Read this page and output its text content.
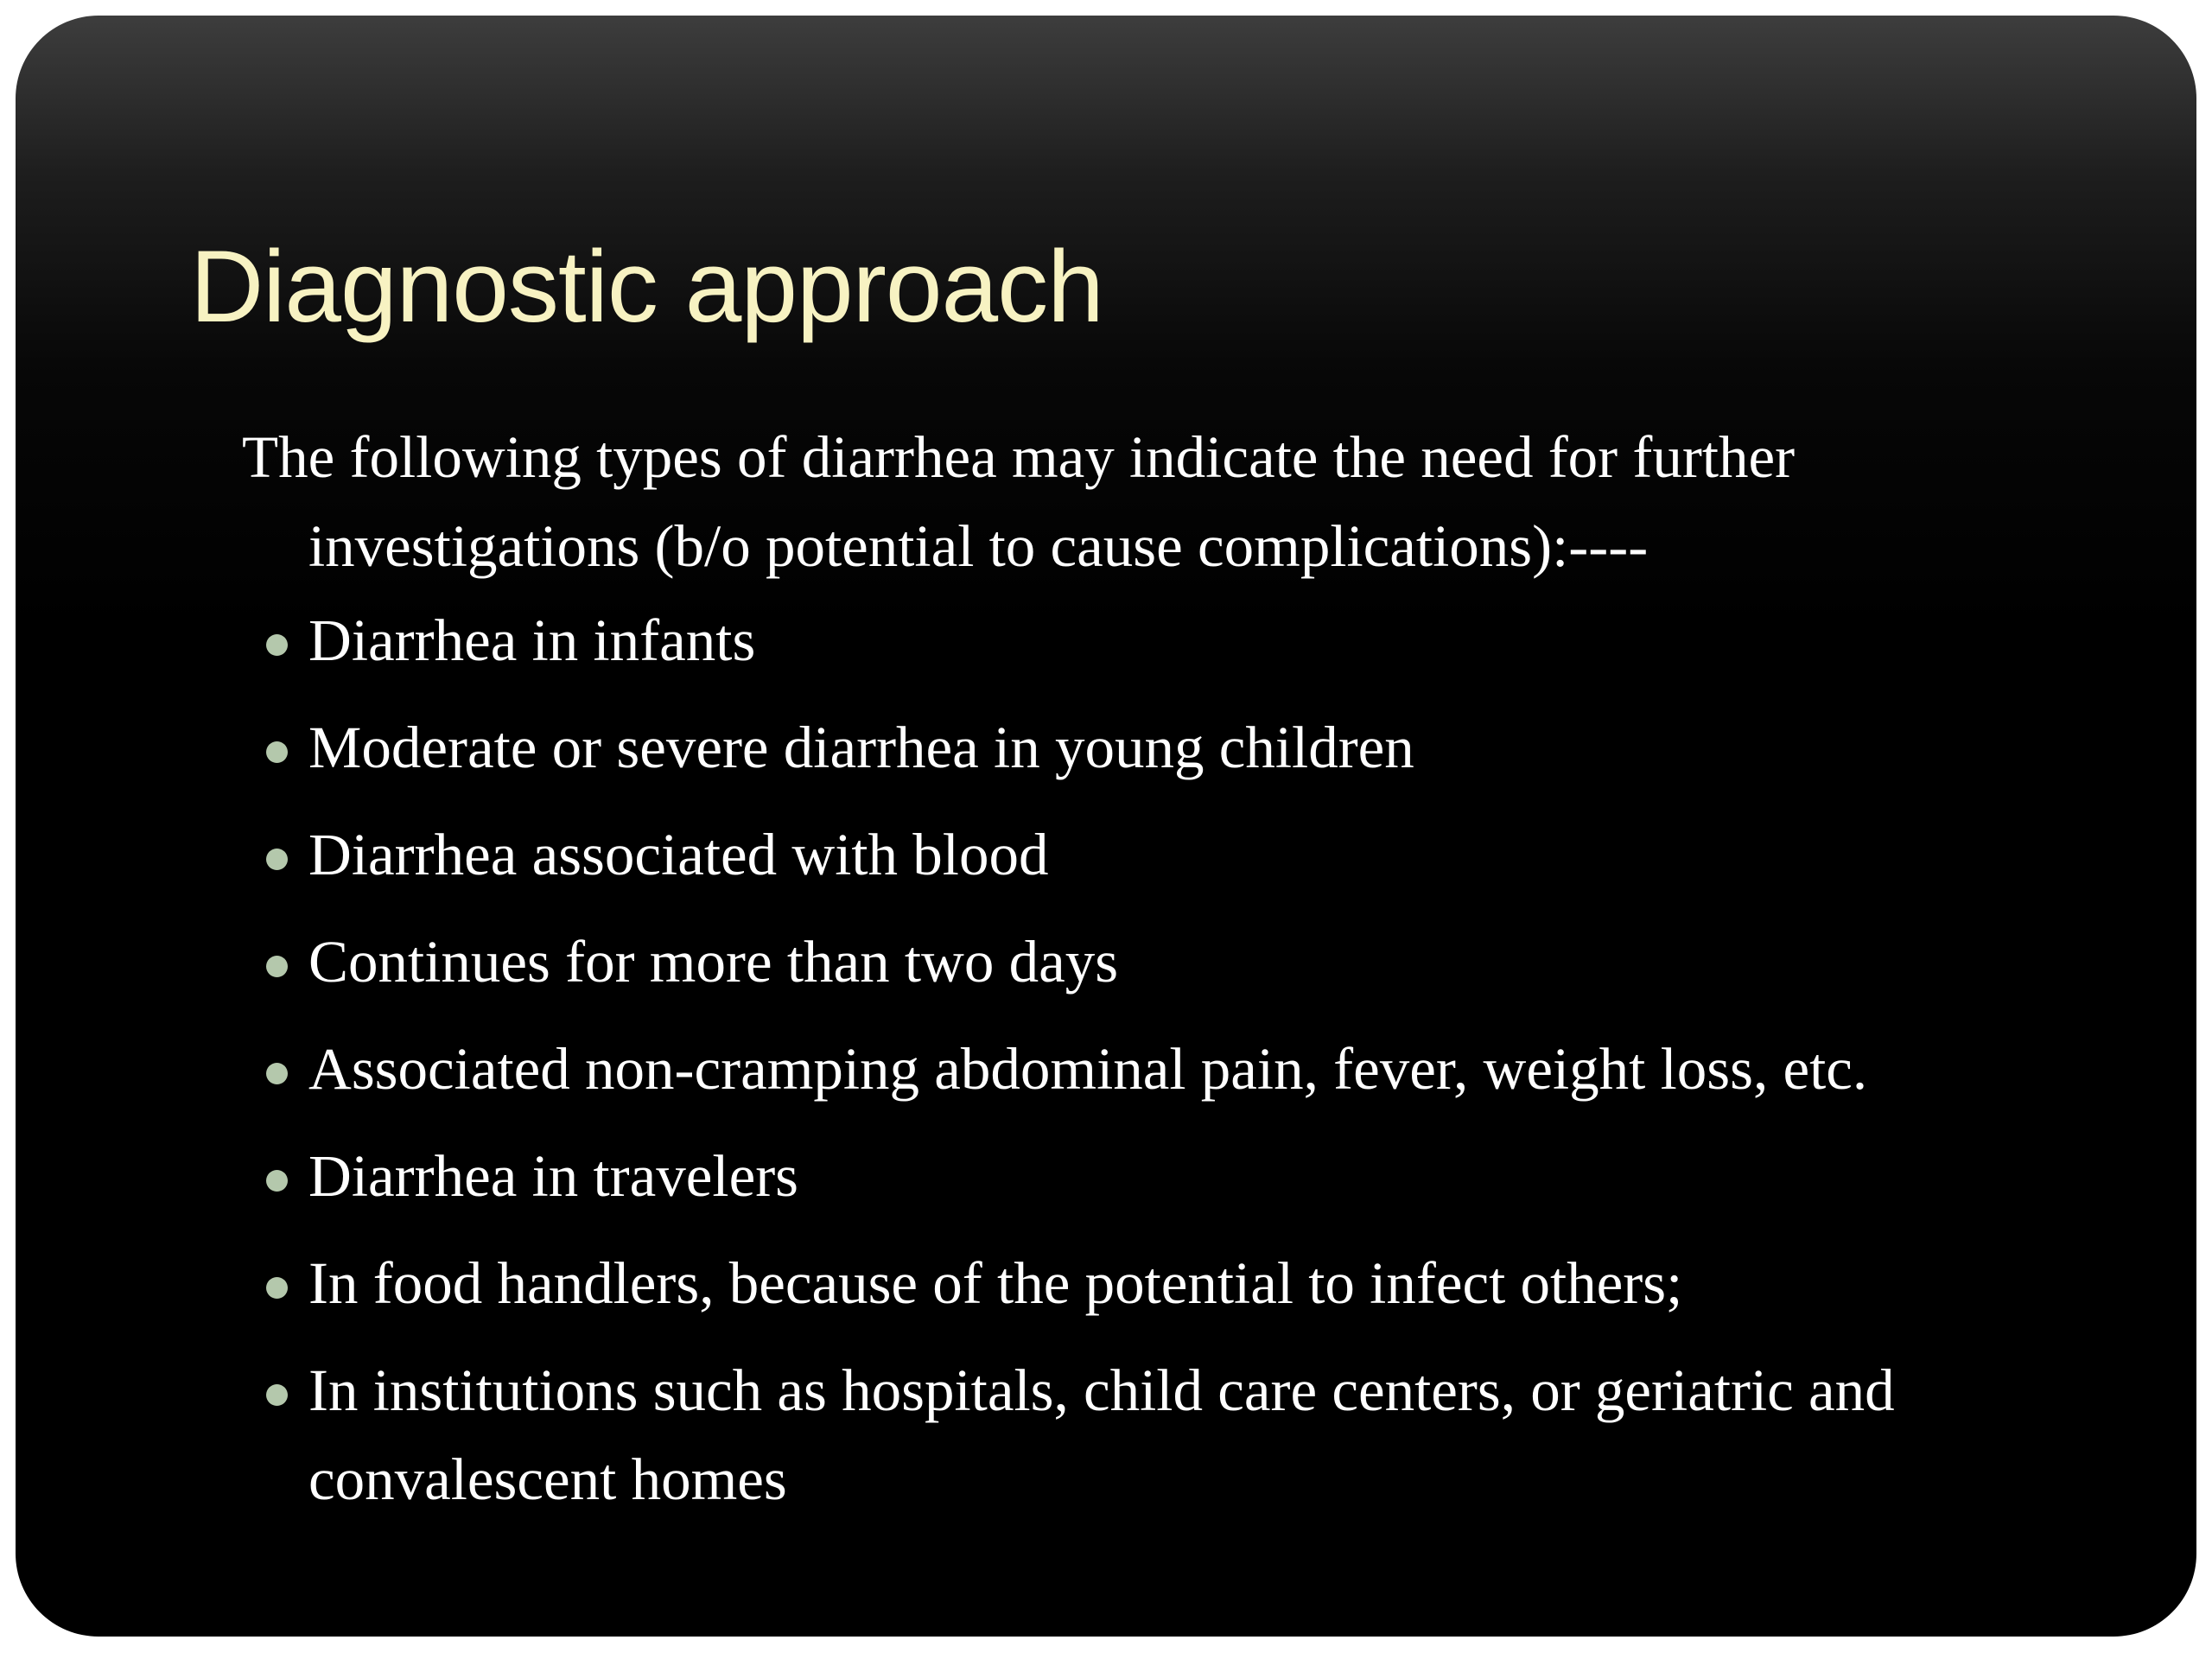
Diagnostic approach

The following types of diarrhea may indicate the need for further investigations (b/o potential to cause complications):----

Diarrhea in infants
Moderate or severe diarrhea in young children
Diarrhea associated with blood
Continues for more than two days
Associated non-cramping abdominal pain, fever, weight loss, etc.
Diarrhea in travelers
In food handlers, because of the potential to infect others;
In institutions such as hospitals, child care centers, or geriatric and convalescent homes
